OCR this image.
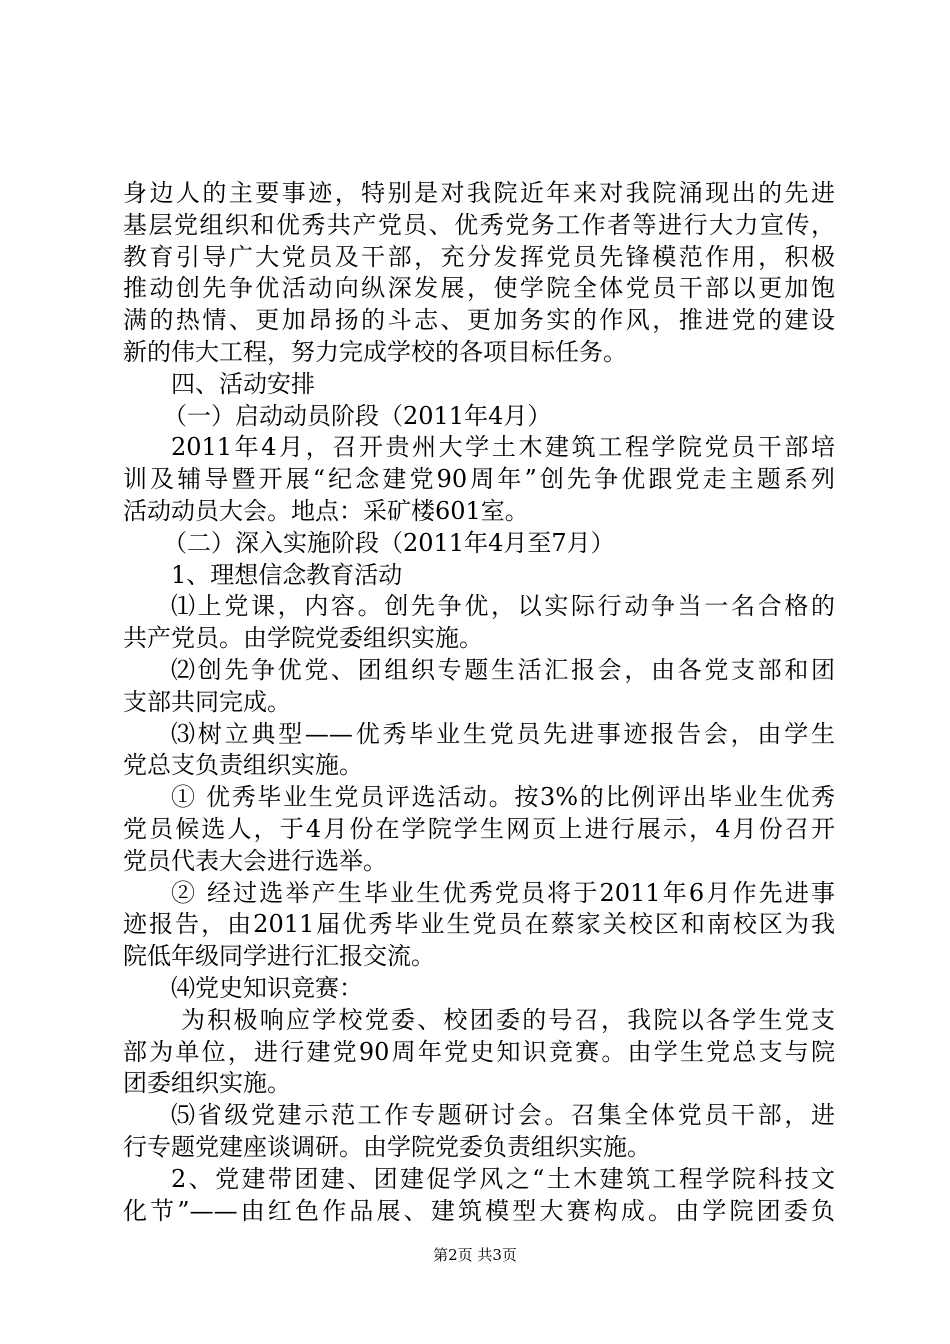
身边人的主要事迹，特别是对我院近年来对我院涌现出的先进
基层党组织和优秀共产党员、优秀党务工作者等进行大力宣传，
教育引导广大党员及干部，充分发挥党员先锋模范作用，积极
推动创先争优活动向纵深发展，使学院全体党员干部以更加饱
满的热情、更加昂扬的斗志、更加务实的作风，推进党的建设
新的伟大工程，努力完成学校的各项目标任务。
四、活动安排
（一）启动动员阶段（2011年4月）
2011年4月，召开贵州大学土木建筑工程学院党员干部培
训及辅导暨开展“纪念建党90周年”创先争优跟党走主题系列
活动动员大会。地点：采矿楼601室。
（二）深入实施阶段（2011年4月至7月）
1、理想信念教育活动
⑴上党课，内容。创先争优，以实际行动争当一名合格的
共产党员。由学院党委组织实施。
⑵创先争优党、团组织专题生活汇报会，由各党支部和团
支部共同完成。
⑶树立典型——优秀毕业生党员先进事迹报告会，由学生
党总支负责组织实施。
① 优秀毕业生党员评选活动。按3%的比例评出毕业生优秀
党员候选人，于4月份在学院学生网页上进行展示，4月份召开
党员代表大会进行选举。
② 经过选举产生毕业生优秀党员将于2011年6月作先进事
迹报告，由2011届优秀毕业生党员在蔡家关校区和南校区为我
院低年级同学进行汇报交流。
⑷党史知识竞赛：
为积极响应学校党委、校团委的号召，我院以各学生党支
部为单位，进行建党90周年党史知识竞赛。由学生党总支与院
团委组织实施。
⑸省级党建示范工作专题研讨会。召集全体党员干部，进
行专题党建座谈调研。由学院党委负责组织实施。
2、党建带团建、团建促学风之“土木建筑工程学院科技文
化节”——由红色作品展、建筑模型大赛构成。由学院团委负
第2页 共3页
